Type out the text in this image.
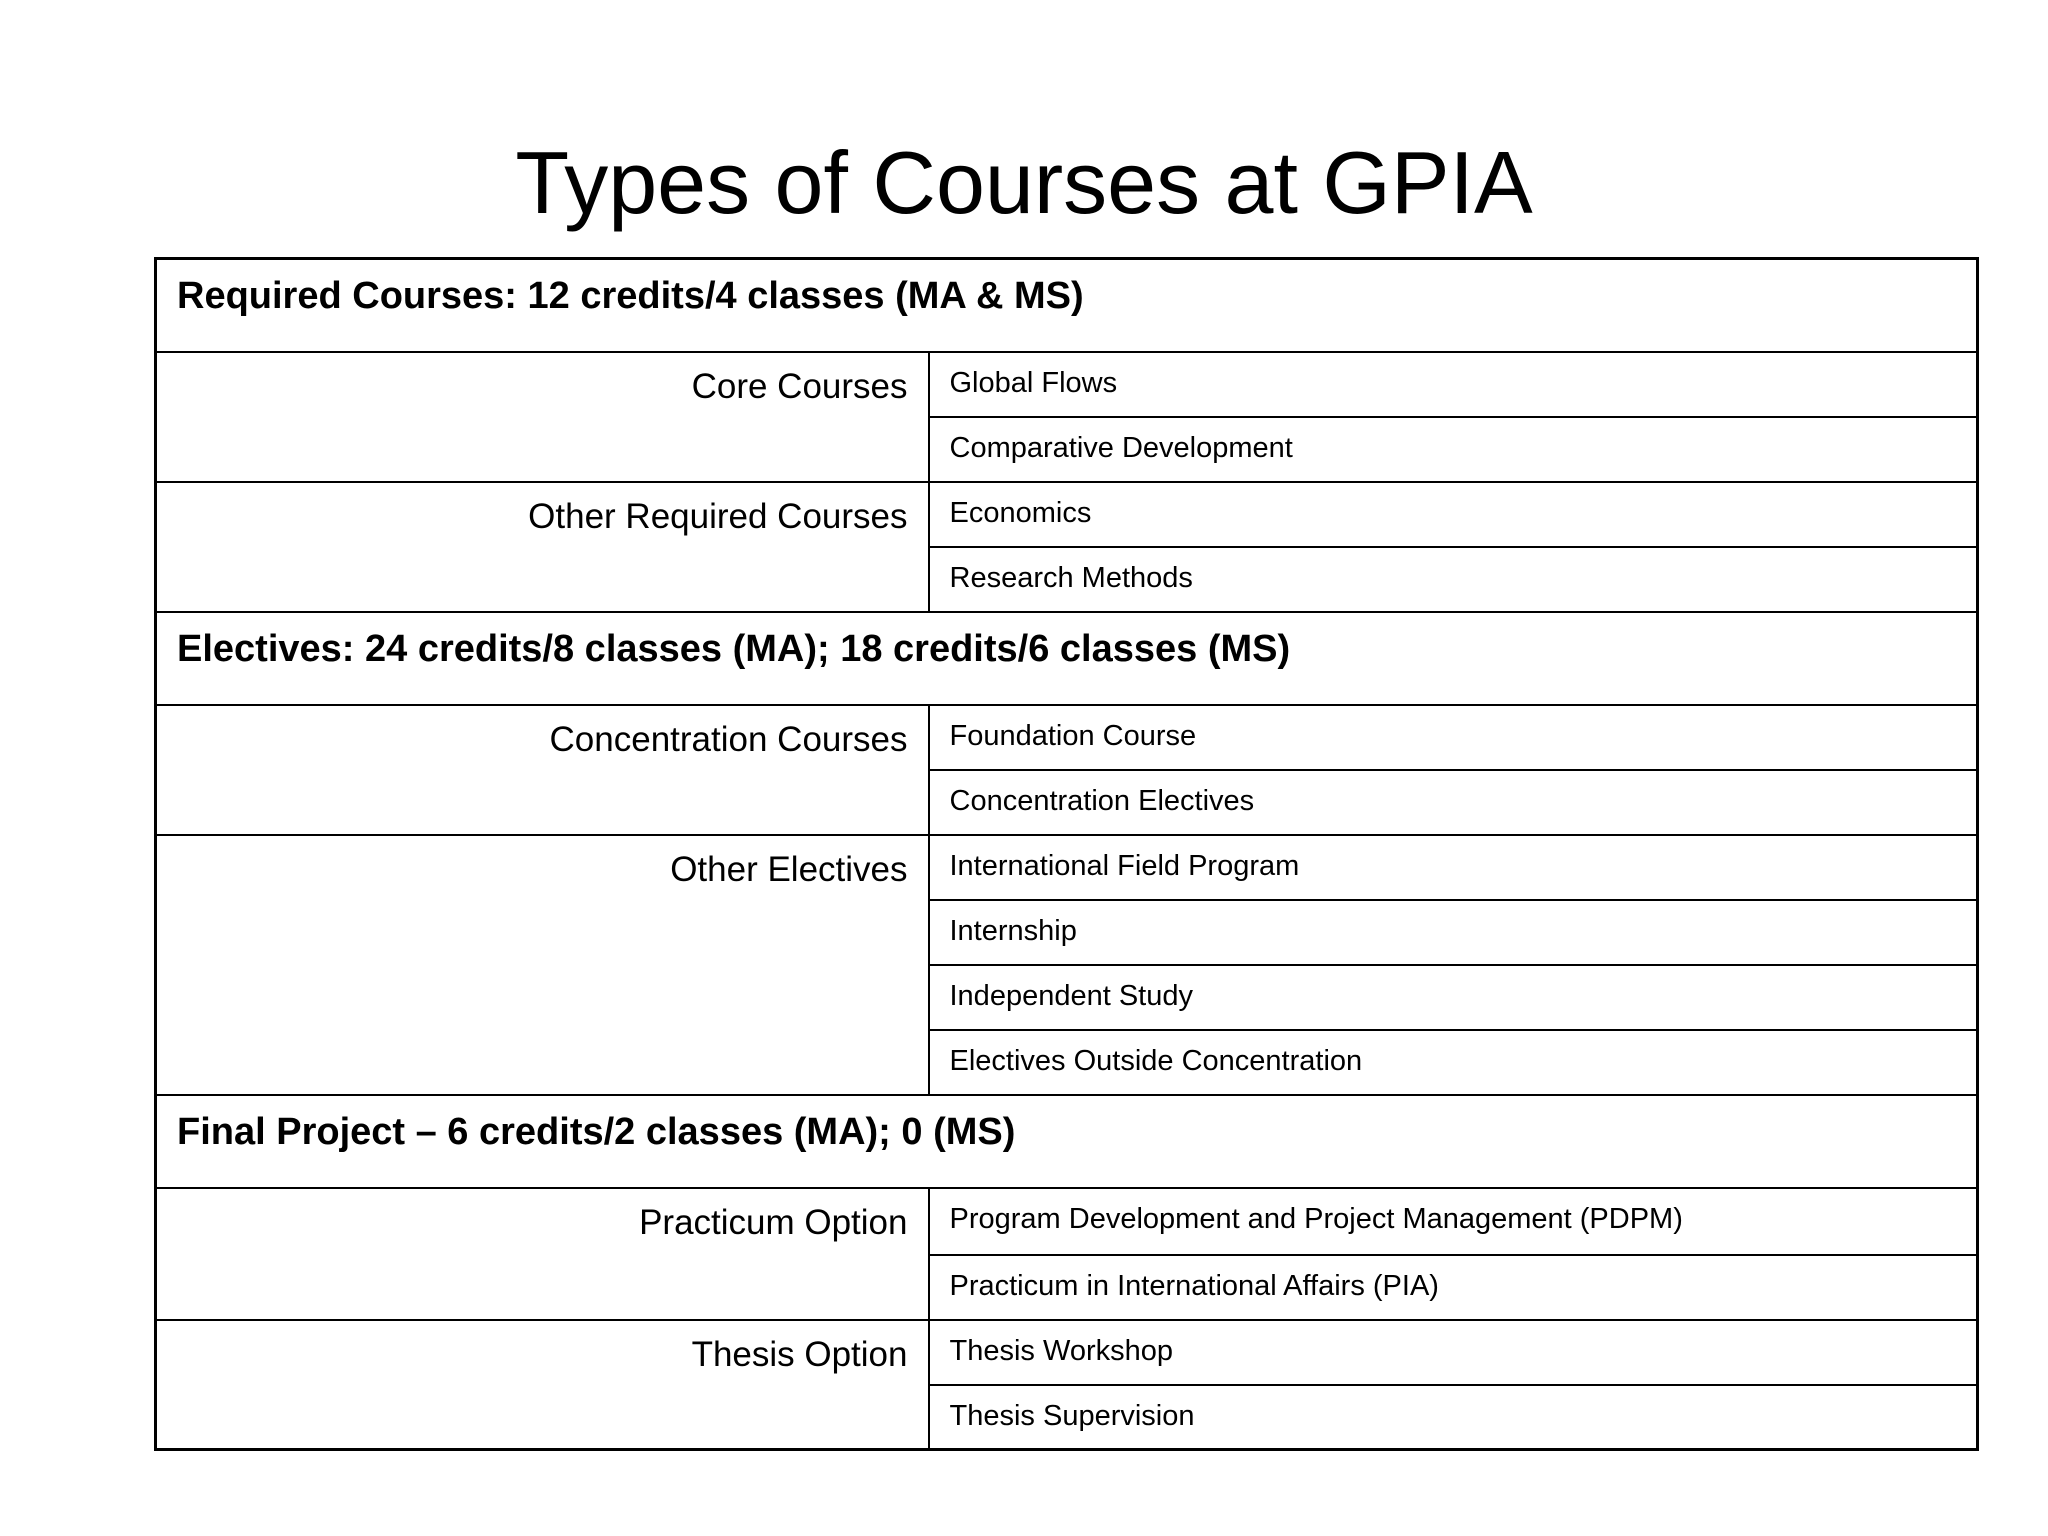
Types of Courses at GPIA
Required Courses: 12 credits/4 classes (MA & MS)	
Core Courses	Global Flows
	Comparative Development
Other Required Courses	Economics
	Research Methods
Electives: 24 credits/8 classes (MA); 18 credits/6 classes (MS)	
Concentration Courses	Foundation Course
	Concentration Electives
Other Electives	International Field Program
	Internship
	Independent Study
	Electives Outside Concentration
Final Project – 6 credits/2 classes (MA); 0 (MS)	
Practicum Option	Program Development and Project Management (PDPM)
	Practicum in International Affairs (PIA)
Thesis Option	Thesis Workshop
	Thesis Supervision
